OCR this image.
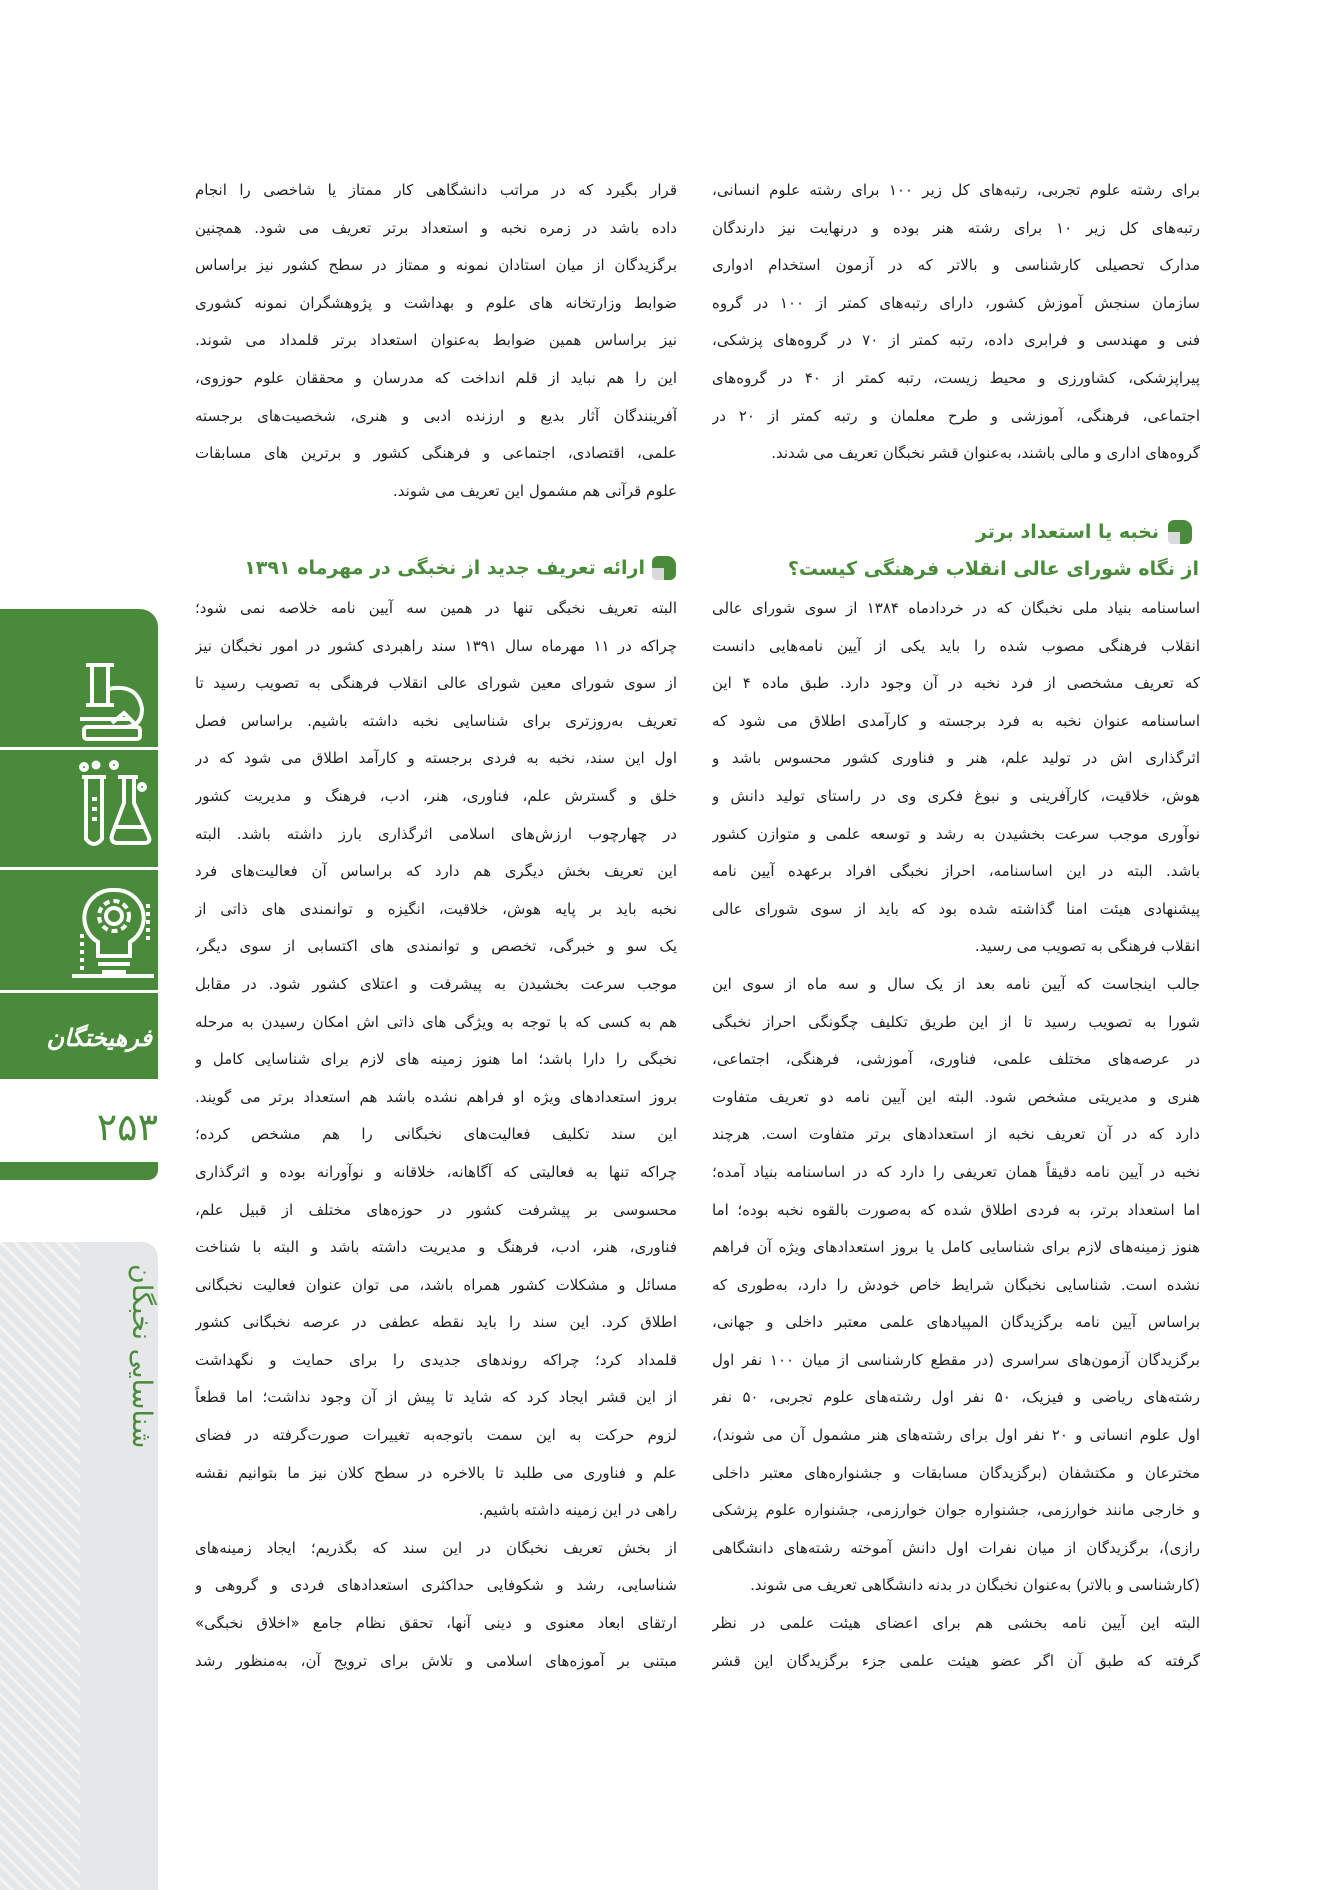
فرهیختگان
۲۵۳
شناسایی نخبگان
برای رشته علوم تجربی، رتبه‌های کل زیر ۱۰۰ برای رشته علوم انسانی،
رتبه‌های کل زیر ۱۰ برای رشته هنر بوده و درنهایت نیز دارندگان
مدارک تحصیلی کارشناسی و بالاتر که در آزمون استخدام ادواری
سازمان سنجش آموزش کشور، دارای رتبه‌های کمتر از ۱۰۰ در گروه
فنی و مهندسی و فرابری داده، رتبه کمتر از ۷۰ در گروه‌های پزشکی،
پیراپزشکی، کشاورزی و محیط زیست، رتبه کمتر از ۴۰ در گروه‌های
اجتماعی، فرهنگی، آموزشی و طرح معلمان و رتبه کمتر از ۲۰ در
گروه‌های اداری و مالی باشند، به‌عنوان قشر نخبگان تعریف می شدند.
نخبه یا استعداد برتر
از نگاه شورای عالی انقلاب فرهنگی کیست؟
اساسنامه بنیاد ملی نخبگان که در خردادماه ۱۳۸۴ از سوی شورای عالی
انقلاب فرهنگی مصوب شده را باید یکی از آیین نامه‌هایی دانست
که تعریف مشخصی از فرد نخبه در آن وجود دارد. طبق ماده ۴ این
اساسنامه عنوان نخبه به فرد برجسته و کارآمدی اطلاق می شود که
اثرگذاری اش در تولید علم، هنر و فناوری کشور محسوس باشد و
هوش، خلاقیت، کارآفرینی و نبوغ فکری وی در راستای تولید دانش و
نوآوری موجب سرعت بخشیدن به رشد و توسعه علمی و متوازن کشور
باشد. البته در این اساسنامه، احراز نخبگی افراد برعهده آیین نامه
پیشنهادی هیئت امنا گذاشته شده بود که باید از سوی شورای عالی
انقلاب فرهنگی به تصویب می رسید.
جالب اینجاست که آیین نامه بعد از یک سال و سه ماه از سوی این
شورا به تصویب رسید تا از این طریق تکلیف چگونگی احراز نخبگی
در عرصه‌های مختلف علمی، فناوری، آموزشی، فرهنگی، اجتماعی،
هنری و مدیریتی مشخص شود. البته این آیین نامه دو تعریف متفاوت
دارد که در آن تعریف نخبه از استعدادهای برتر متفاوت است. هرچند
نخبه در آیین نامه دقیقاً همان تعریفی را دارد که در اساسنامه بنیاد آمده؛
اما استعداد برتر، به فردی اطلاق شده که به‌صورت بالقوه نخبه بوده؛ اما
هنوز زمینه‌های لازم برای شناسایی کامل یا بروز استعدادهای ویژه آن فراهم
نشده است. شناسایی نخبگان شرایط خاص خودش را دارد، به‌طوری که
براساس آیین نامه برگزیدگان المپیادهای علمی معتبر داخلی و جهانی،
برگزیدگان آزمون‌های سراسری (در مقطع کارشناسی از میان ۱۰۰ نفر اول
رشته‌های ریاضی و فیزیک، ۵۰ نفر اول رشته‌های علوم تجربی، ۵۰ نفر
اول علوم انسانی و ۲۰ نفر اول برای رشته‌های هنر مشمول آن می شوند)،
مخترعان و مکتشفان (برگزیدگان مسابقات و جشنواره‌های معتبر داخلی
و خارجی مانند خوارزمی، جشنواره جوان خوارزمی، جشنواره علوم پزشکی
رازی)، برگزیدگان از میان نفرات اول دانش آموخته رشته‌های دانشگاهی
(کارشناسی و بالاتر) به‌عنوان نخبگان در بدنه دانشگاهی تعریف می شوند.
البته این آیین نامه بخشی هم برای اعضای هیئت علمی در نظر
گرفته که طبق آن اگر عضو هیئت علمی جزء برگزیدگان این قشر
قرار بگیرد که در مراتب دانشگاهی کار ممتاز یا شاخصی را انجام
داده باشد در زمره نخبه و استعداد برتر تعریف می شود. همچنین
برگزیدگان از میان استادان نمونه و ممتاز در سطح کشور نیز براساس
ضوابط وزارتخانه های علوم و بهداشت و پژوهشگران نمونه کشوری
نیز براساس همین ضوابط به‌عنوان استعداد برتر قلمداد می شوند.
این را هم نباید از قلم انداخت که مدرسان و محققان علوم حوزوی،
آفرینندگان آثار بدیع و ارزنده ادبی و هنری، شخصیت‌های برجسته
علمی، اقتصادی، اجتماعی و فرهنگی کشور و برترین های مسابقات
علوم قرآنی هم مشمول این تعریف می شوند.
ارائه تعریف جدید از نخبگی در مهرماه ۱۳۹۱
البته تعریف نخبگی تنها در همین سه آیین نامه خلاصه نمی شود؛
چراکه در ۱۱ مهرماه سال ۱۳۹۱ سند راهبردی کشور در امور نخبگان نیز
از سوی شورای معین شورای عالی انقلاب فرهنگی به تصویب رسید تا
تعریف به‌روزتری برای شناسایی نخبه داشته باشیم. براساس فصل
اول این سند، نخبه به فردی برجسته و کارآمد اطلاق می شود که در
خلق و گسترش علم، فناوری، هنر، ادب، فرهنگ و مدیریت کشور
در چهارچوب ارزش‌های اسلامی اثرگذاری بارز داشته باشد. البته
این تعریف بخش دیگری هم دارد که براساس آن فعالیت‌های فرد
نخبه باید بر پایه هوش، خلاقیت، انگیزه و توانمندی های ذاتی از
یک سو و خبرگی، تخصص و توانمندی های اکتسابی از سوی دیگر،
موجب سرعت بخشیدن به پیشرفت و اعتلای کشور شود. در مقابل
هم به کسی که با توجه به ویژگی های ذاتی اش امکان رسیدن به مرحله
نخبگی را دارا باشد؛ اما هنوز زمینه های لازم برای شناسایی کامل و
بروز استعدادهای ویژه او فراهم نشده باشد هم استعداد برتر می گویند.
این سند تکلیف فعالیت‌های نخبگانی را هم مشخص کرده؛
چراکه تنها به فعالیتی که آگاهانه، خلاقانه و نوآورانه بوده و اثرگذاری
محسوسی بر پیشرفت کشور در حوزه‌های مختلف از قبیل علم،
فناوری، هنر، ادب، فرهنگ و مدیریت داشته باشد و البته با شناخت
مسائل و مشکلات کشور همراه باشد، می توان عنوان فعالیت نخبگانی
اطلاق کرد. این سند را باید نقطه عطفی در عرصه نخبگانی کشور
قلمداد کرد؛ چراکه روندهای جدیدی را برای حمایت و نگهداشت
از این قشر ایجاد کرد که شاید تا پیش از آن وجود نداشت؛ اما قطعاً
لزوم حرکت به این سمت باتوجه‌به تغییرات صورت‌گرفته در فضای
علم و فناوری می طلبد تا بالاخره در سطح کلان نیز ما بتوانیم نقشه
راهی در این زمینه داشته باشیم.
از بخش تعریف نخبگان در این سند که بگذریم؛ ایجاد زمینه‌های
شناسایی، رشد و شکوفایی حداکثری استعدادهای فردی و گروهی و
ارتقای ابعاد معنوی و دینی آنها، تحقق نظام جامع «اخلاق نخبگی»
مبتنی بر آموزه‌های اسلامی و تلاش برای ترویج آن، به‌منظور رشد
